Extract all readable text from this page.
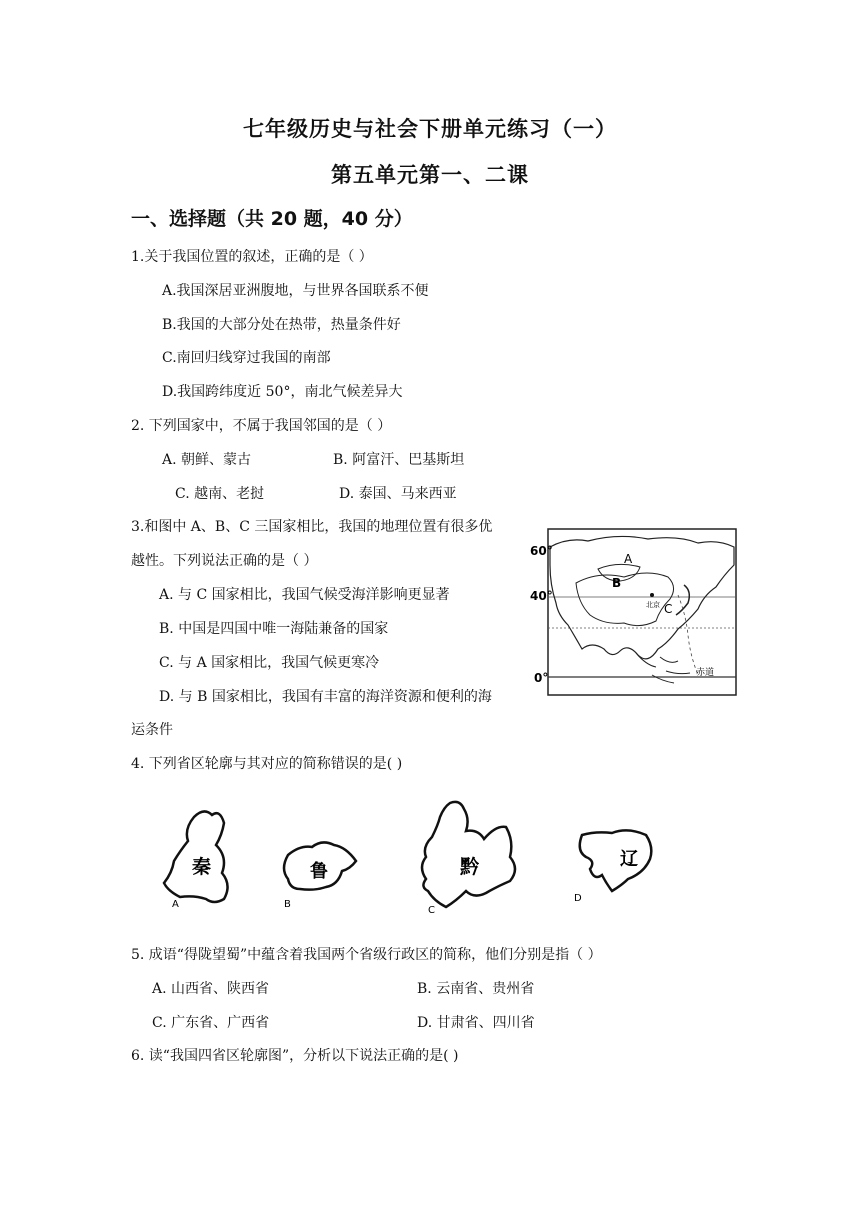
七年级历史与社会下册单元练习（一）
第五单元第一、二课
一、选择题（共 20 题，40 分）
1.关于我国位置的叙述，正确的是（ ）
A.我国深居亚洲腹地，与世界各国联系不便
B.我国的大部分处在热带，热量条件好
C.南回归线穿过我国的南部
D.我国跨纬度近 50°，南北气候差异大
2. 下列国家中，不属于我国邻国的是（ ）
A. 朝鲜、蒙古	B. 阿富汗、巴基斯坦
C. 越南、老挝	D. 泰国、马来西亚
3.和图中 A、B、C 三国家相比，我国的地理位置有很多优
越性。下列说法正确的是（ ）
A. 与 C 国家相比，我国气候受海洋影响更显著
B. 中国是四国中唯一海陆兼备的国家
C. 与 A 国家相比，我国气候更寒冷
D. 与 B 国家相比，我国有丰富的海洋资源和便利的海
运条件
60°
40°
0°
A
B
C
北京
赤道
4. 下列省区轮廓与其对应的简称错误的是( )
秦
A
鲁
B
黔
C
辽
D
5. 成语“得陇望蜀”中蕴含着我国两个省级行政区的简称，他们分别是指（ ）
A. 山西省、陕西省	B. 云南省、贵州省
C. 广东省、广西省	D. 甘肃省、四川省
6. 读“我国四省区轮廓图”，分析以下说法正确的是( )
